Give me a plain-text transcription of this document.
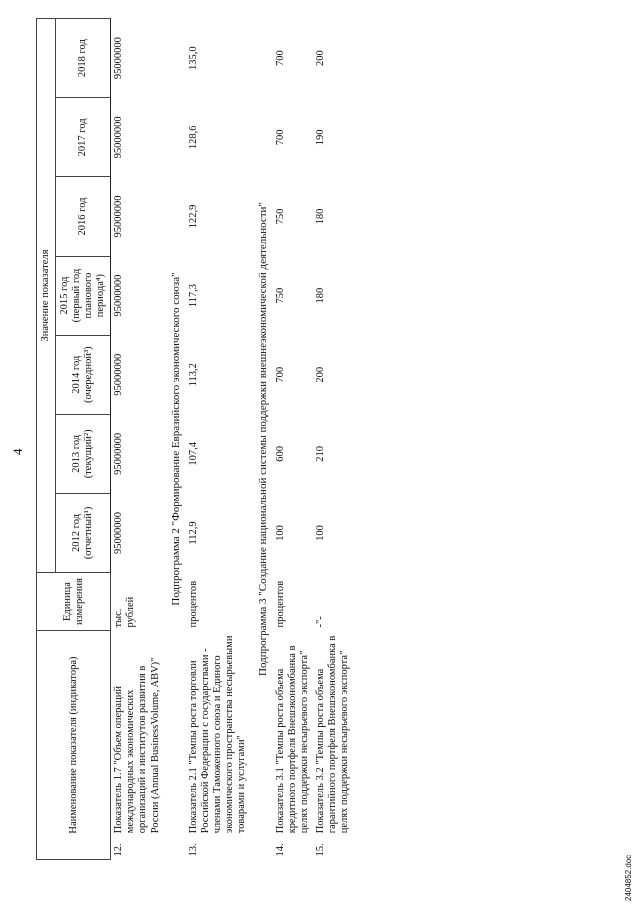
4
2404852.doc
Наименование показателя (индикатора)		Единица измерения	Значение показателя						
			2012 год (отчетный¹)	2013 год (текущий²)	2014 год (очередной³)	2015 год (первый год планового периода⁴)	2016 год	2017 год	2018 год
12.	Показатель 1.7 "Объем операций международных экономических организаций и институтов развития в России (Annual BusinessVolume, ABV)"	тыс. рублей	95000000	95000000	95000000	95000000	95000000	95000000	95000000
Подпрограмма 2 "Формирование Евразийского экономического союза"									
13.	Показатель 2.1 "Темпы роста торговли Российской Федерации с государствами - членами Таможенного союза и Единого экономического пространства несырьевыми товарами и услугами"	процентов	112,9	107,4	113,2	117,3	122,9	128,6	135,0
Подпрограмма 3 "Создание национальной системы поддержки внешнеэкономической деятельности"									
14.	Показатель 3.1 "Темпы роста объема кредитного портфеля Внешэкономбанка в целях поддержки несырьевого экспорта"	процентов	100	600	700	750	750	700	700
15.	Показатель 3.2 "Темпы роста объема гарантийного портфеля Внешэкономбанка в целях поддержки несырьевого экспорта"	-"-	100	210	200	180	180	190	200
